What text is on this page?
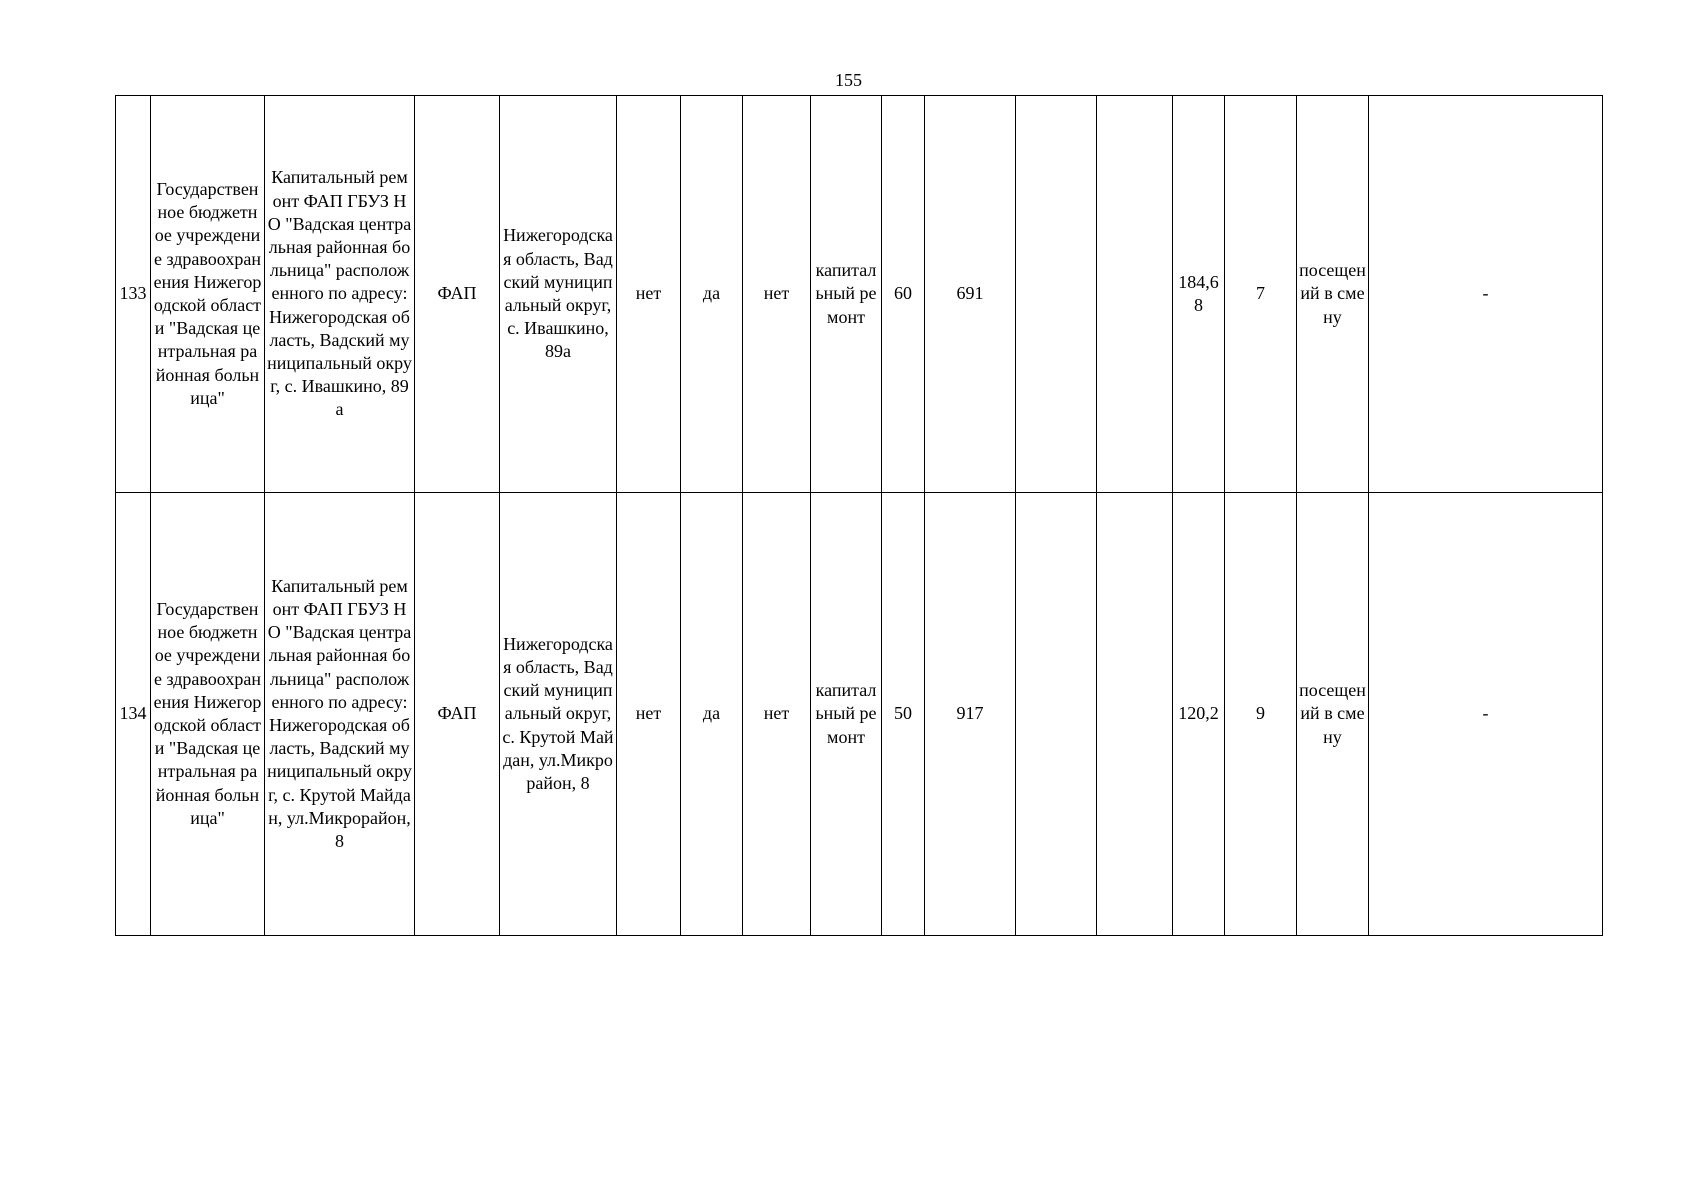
155
133	Государственное бюджетное учреждение здравоохранения Нижегородской области "Вадская центральная районная больница"	Капитальный ремонт ФАП ГБУЗ НО "Вадская центральная районная больница" расположенного по адресу:Нижегородская область, Вадский муниципальный округ, с. Ивашкино, 89а	ФАП	Нижегородская область, Вадский муниципальный округ, с. Ивашкино, 89а	нет	да	нет	капитальный ремонт	60	691			184,68	7	посещений в смену	-
134	Государственное бюджетное учреждение здравоохранения Нижегородской области "Вадская центральная районная больница"	Капитальный ремонт ФАП ГБУЗ НО "Вадская центральная районная больница" расположенного по адресу:Нижегородская область, Вадский муниципальный округ, с. Крутой Майдан, ул.Микрорайон, 8	ФАП	Нижегородская область, Вадский муниципальный округ, с. Крутой Майдан, ул.Микрорайон, 8	нет	да	нет	капитальный ремонт	50	917			120,2	9	посещений в смену	-
